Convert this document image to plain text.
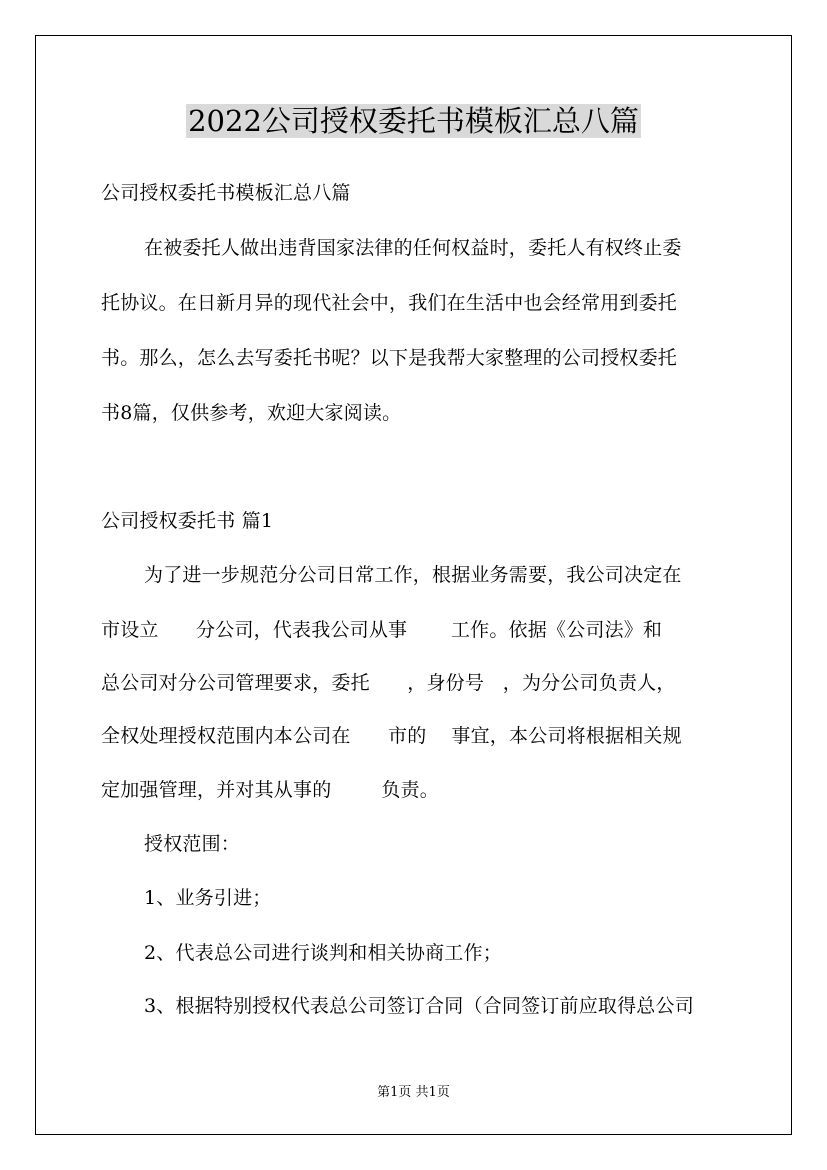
2022公司授权委托书模板汇总八篇
公司授权委托书模板汇总八篇
在被委托人做出违背国家法律的任何权益时，委托人有权终止委
托协议。在日新月异的现代社会中，我们在生活中也会经常用到委托
书。那么，怎么去写委托书呢？以下是我帮大家整理的公司授权委托
书8篇，仅供参考，欢迎大家阅读。
公司授权委托书 篇1
为了进一步规范分公司日常工作，根据业务需要，我公司决定在
市设立      分公司，代表我公司从事       工作。依据《公司法》和
总公司对分公司管理要求，委托      ，身份号   ，为分公司负责人，
全权处理授权范围内本公司在      市的    事宜，本公司将根据相关规
定加强管理，并对其从事的        负责。
授权范围：
1、业务引进；
2、代表总公司进行谈判和相关协商工作；
3、根据特别授权代表总公司签订合同（合同签订前应取得总公司
第1页 共1页
